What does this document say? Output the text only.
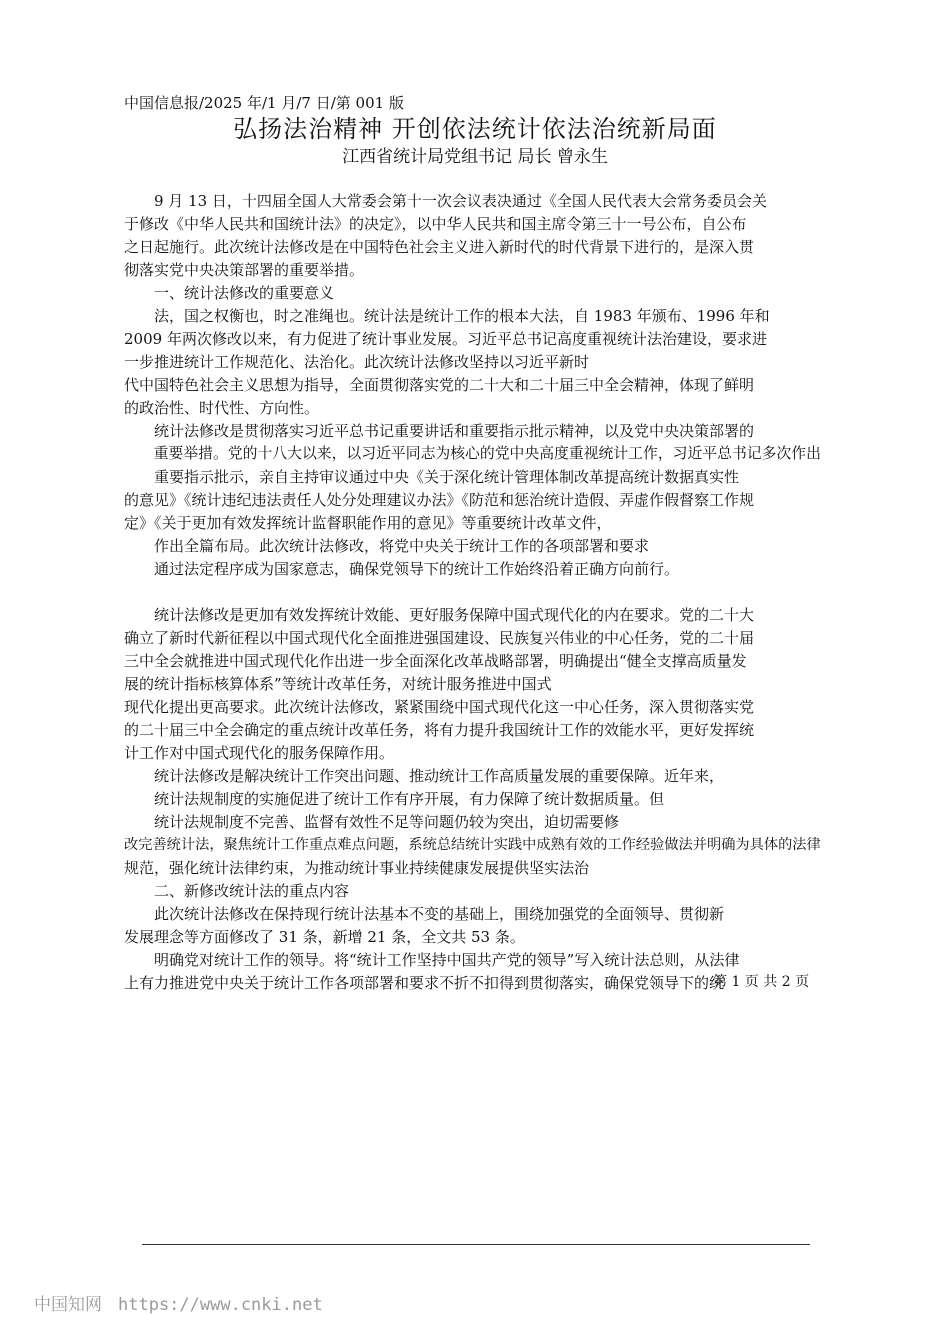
中国信息报/2025 年/1 月/7 日/第 001 版
弘扬法治精神 开创依法统计依法治统新局面
江西省统计局党组书记 局长 曾永生
　　9 月 13 日，十四届全国人大常委会第十一次会议表决通过《全国人民代表大会常务委员会关
于修改《中华人民共和国统计法》的决定》，以中华人民共和国主席令第三十一号公布，自公布
之日起施行。此次统计法修改是在中国特色社会主义进入新时代的时代背景下进行的，是深入贯
彻落实党中央决策部署的重要举措。
　　一、统计法修改的重要意义
　　法，国之权衡也，时之准绳也。统计法是统计工作的根本大法，自 1983 年颁布、1996 年和
2009 年两次修改以来，有力促进了统计事业发展。习近平总书记高度重视统计法治建设，要求进
一步推进统计工作规范化、法治化。此次统计法修改坚持以习近平新时
代中国特色社会主义思想为指导，全面贯彻落实党的二十大和二十届三中全会精神，体现了鲜明
的政治性、时代性、方向性。
　　统计法修改是贯彻落实习近平总书记重要讲话和重要指示批示精神，以及党中央决策部署的
　　重要举措。党的十八大以来，以习近平同志为核心的党中央高度重视统计工作，习近平总书记多次作出
　　重要指示批示，亲自主持审议通过中央《关于深化统计管理体制改革提高统计数据真实性
的意见》《统计违纪违法责任人处分处理建议办法》《防范和惩治统计造假、弄虚作假督察工作规
定》《关于更加有效发挥统计监督职能作用的意见》等重要统计改革文件，
　　作出全篇布局。此次统计法修改，将党中央关于统计工作的各项部署和要求
　　通过法定程序成为国家意志，确保党领导下的统计工作始终沿着正确方向前行。
　　统计法修改是更加有效发挥统计效能、更好服务保障中国式现代化的内在要求。党的二十大
确立了新时代新征程以中国式现代化全面推进强国建设、民族复兴伟业的中心任务，党的二十届
三中全会就推进中国式现代化作出进一步全面深化改革战略部署，明确提出“健全支撑高质量发
展的统计指标核算体系”等统计改革任务，对统计服务推进中国式
现代化提出更高要求。此次统计法修改，紧紧围绕中国式现代化这一中心任务，深入贯彻落实党
的二十届三中全会确定的重点统计改革任务，将有力提升我国统计工作的效能水平，更好发挥统
计工作对中国式现代化的服务保障作用。
　　统计法修改是解决统计工作突出问题、推动统计工作高质量发展的重要保障。近年来，
　　统计法规制度的实施促进了统计工作有序开展，有力保障了统计数据质量。但
　　统计法规制度不完善、监督有效性不足等问题仍较为突出，迫切需要修
改完善统计法，聚焦统计工作重点难点问题，系统总结统计实践中成熟有效的工作经验做法并明确为具体的法律
规范，强化统计法律约束，为推动统计事业持续健康发展提供坚实法治
　　二、新修改统计法的重点内容
　　此次统计法修改在保持现行统计法基本不变的基础上，围绕加强党的全面领导、贯彻新
发展理念等方面修改了 31 条，新增 21 条，全文共 53 条。
　　明确党对统计工作的领导。将“统计工作坚持中国共产党的领导”写入统计法总则，从法律
上有力推进党中央关于统计工作各项部署和要求不折不扣得到贯彻落实，确保党领导下的统
第 1 页 共 2 页
中国知网 https://www.cnki.net
